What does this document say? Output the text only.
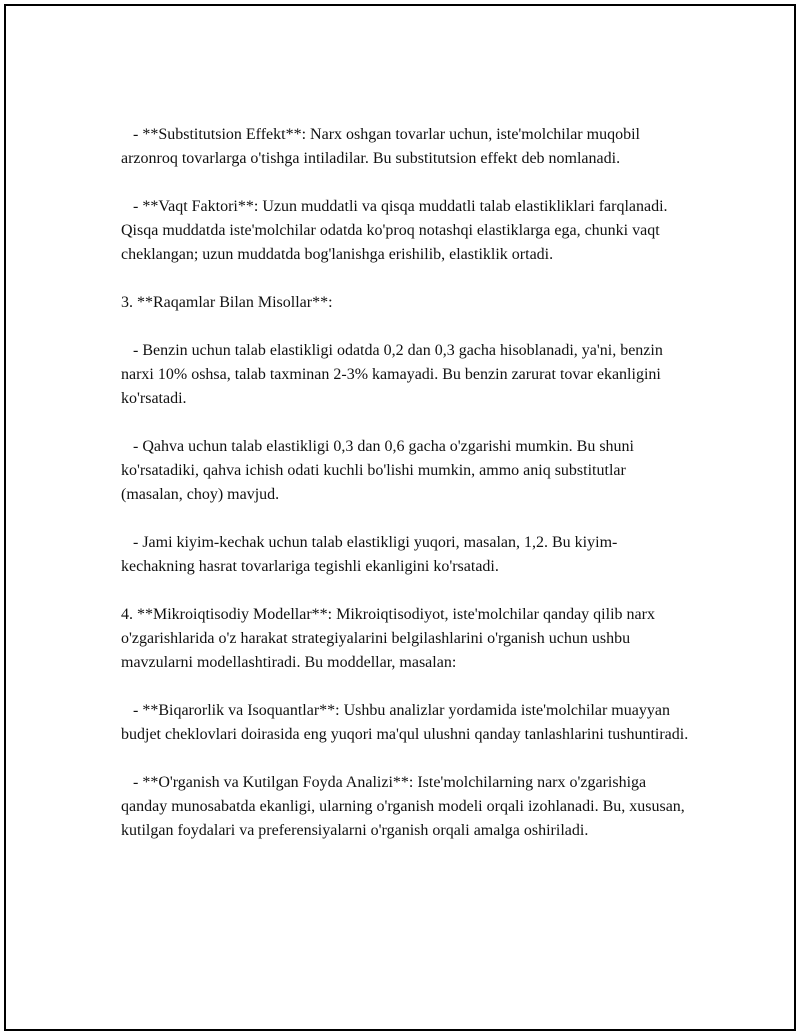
- **Substitutsion Effekt**: Narx oshgan tovarlar uchun, iste'molchilar muqobil arzonroq tovarlarga o'tishga intiladilar. Bu substitutsion effekt deb nomlanadi.

- **Vaqt Faktori**: Uzun muddatli va qisqa muddatli talab elastikliklari farqlanadi. Qisqa muddatda iste'molchilar odatda ko'proq notashqi elastiklarga ega, chunki vaqt cheklangan; uzun muddatda bog'lanishga erishilib, elastiklik ortadi.

3. **Raqamlar Bilan Misollar**:

- Benzin uchun talab elastikligi odatda 0,2 dan 0,3 gacha hisoblanadi, ya'ni, benzin narxi 10% oshsa, talab taxminan 2-3% kamayadi. Bu benzin zarurat tovar ekanligini ko'rsatadi.

- Qahva uchun talab elastikligi 0,3 dan 0,6 gacha o'zgarishi mumkin. Bu shuni ko'rsatadiki, qahva ichish odati kuchli bo'lishi mumkin, ammo aniq substitutlar (masalan, choy) mavjud.

- Jami kiyim-kechak uchun talab elastikligi yuqori, masalan, 1,2. Bu kiyim-kechakning hasrat tovarlariga tegishli ekanligini ko'rsatadi.

4. **Mikroiqtisodiy Modellar**: Mikroiqtisodiyot, iste'molchilar qanday qilib narx o'zgarishlarida o'z harakat strategiyalarini belgilashlarini o'rganish uchun ushbu mavzularni modellashtiradi. Bu moddellar, masalan:

- **Biqarorlik va Isoquantlar**: Ushbu analizlar yordamida iste'molchilar muayyan budjet cheklovlari doirasida eng yuqori ma'qul ulushni qanday tanlashlarini tushuntiradi.

- **O'rganish va Kutilgan Foyda Analizi**: Iste'molchilarning narx o'zgarishiga qanday munosabatda ekanligi, ularning o'rganish modeli orqali izohlanadi. Bu, xususan, kutilgan foydalari va preferensiyalarni o'rganish orqali amalga oshiriladi.
